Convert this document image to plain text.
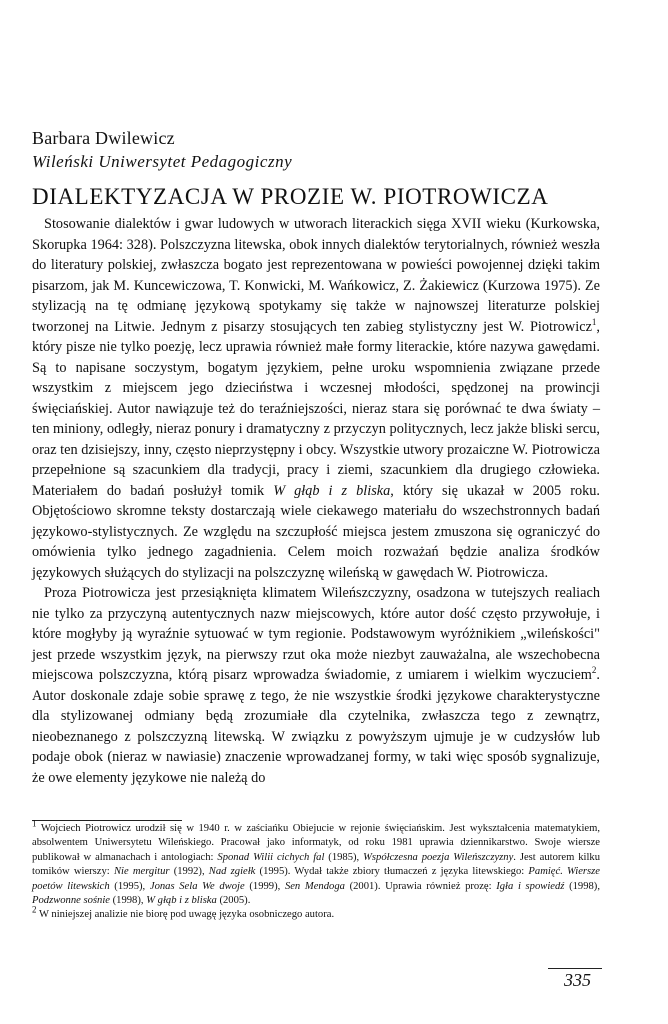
Barbara Dwilewicz
Wileński Uniwersytet Pedagogiczny
DIALEKTYZACJA W PROZIE W. PIOTROWICZA

Stosowanie dialektów i gwar ludowych w utworach literackich sięga XVII wieku (Kurkowska, Skorupka 1964: 328). Polszczyzna litewska, obok innych dialektów terytorialnych, również weszła do literatury polskiej, zwłaszcza bogato jest reprezentowana w powieści powojennej dzięki takim pisarzom, jak M. Kuncewiczowa, T. Konwicki, M. Wańkowicz, Z. Żakiewicz (Kurzowa 1975). Ze stylizacją na tę odmianę językową spotykamy się także w najnowszej literaturze polskiej tworzonej na Litwie. Jednym z pisarzy stosujących ten zabieg stylistyczny jest W. Piotrowicz$^1$, który pisze nie tylko poezję, lecz uprawia również małe formy literackie, które nazywa gawędami. Są to napisane soczystym, bogatym językiem, pełne uroku wspomnienia związane przede wszystkim z miejscem jego dzieciństwa i wczesnej młodości, spędzonej na prowincji święciańskiej. Autor nawiązuje też do teraźniejszości, nieraz stara się porównać te dwa światy – ten miniony, odległy, nieraz ponury i dramatyczny z przyczyn politycznych, lecz jakże bliski sercu, oraz ten dzisiejszy, inny, często nieprzystępny i obcy. Wszystkie utwory prozaiczne W. Piotrowicza przepełnione są szacunkiem dla tradycji, pracy i ziemi, szacunkiem dla drugiego człowieka. Materiałem do badań posłużył tomik W głąb i z bliska, który się ukazał w 2005 roku. Objętościowo skromne teksty dostarczają wiele ciekawego materiału do wszechstronnych badań językowo-stylistycznych. Ze względu na szczupłość miejsca jestem zmuszona się ograniczyć do omówienia tylko jednego zagadnienia. Celem moich rozważań będzie analiza środków językowych służących do stylizacji na polszczyznę wileńską w gawędach W. Piotrowicza.

Proza Piotrowicza jest przesiąknięta klimatem Wileńszczyzny, osadzona w tutejszych realiach nie tylko za przyczyną autentycznych nazw miejscowych, które autor dość często przywołuje, i które mogłyby ją wyraźnie sytuować w tym regionie. Podstawowym wyróżnikiem „wileńskości" jest przede wszystkim język, na pierwszy rzut oka może niezbyt zauważalna, ale wszechobecna miejscowa polszczyzna, którą pisarz wprowadza świadomie, z umiarem i wielkim wyczuciem$^2$. Autor doskonale zdaje sobie sprawę z tego, że nie wszystkie środki językowe charakterystyczne dla stylizowanej odmiany będą zrozumiałe dla czytelnika, zwłaszcza tego z zewnątrz, nieobeznanego z polszczyzną litewską. W związku z powyższym ujmuje je w cudzysłów lub podaje obok (nieraz w nawiasie) znaczenie wprowadzanej formy, w taki więc sposób sygnalizuje, że owe elementy językowe nie należą do

$^1$ Wojciech Piotrowicz urodził się w 1940 r. w zaściańku Obiejucie w rejonie święciańskim. Jest wykształcenia matematykiem, absolwentem Uniwersytetu Wileńskiego. Pracował jako informatyk, od roku 1981 uprawia dziennikarstwo. Swoje wiersze publikował w almanachach i antologiach: Sponad Wilii cichych fal (1985), Współczesna poezja Wileńszczyzny. Jest autorem kilku tomików wierszy: Nie mergitur (1992), Nad zgiełk (1995). Wydał także zbiory tłumaczeń z języka litewskiego: Pamięć. Wiersze poetów litewskich (1995), Jonas Sela We dwoje (1999), Sen Mendoga (2001). Uprawia również prozę: Igła i spowiedź (1998), Podzwonne sośnie (1998), W głąb i z bliska (2005).

$^2$ W niniejszej analizie nie biorę pod uwagę języka osobniczego autora.

335
